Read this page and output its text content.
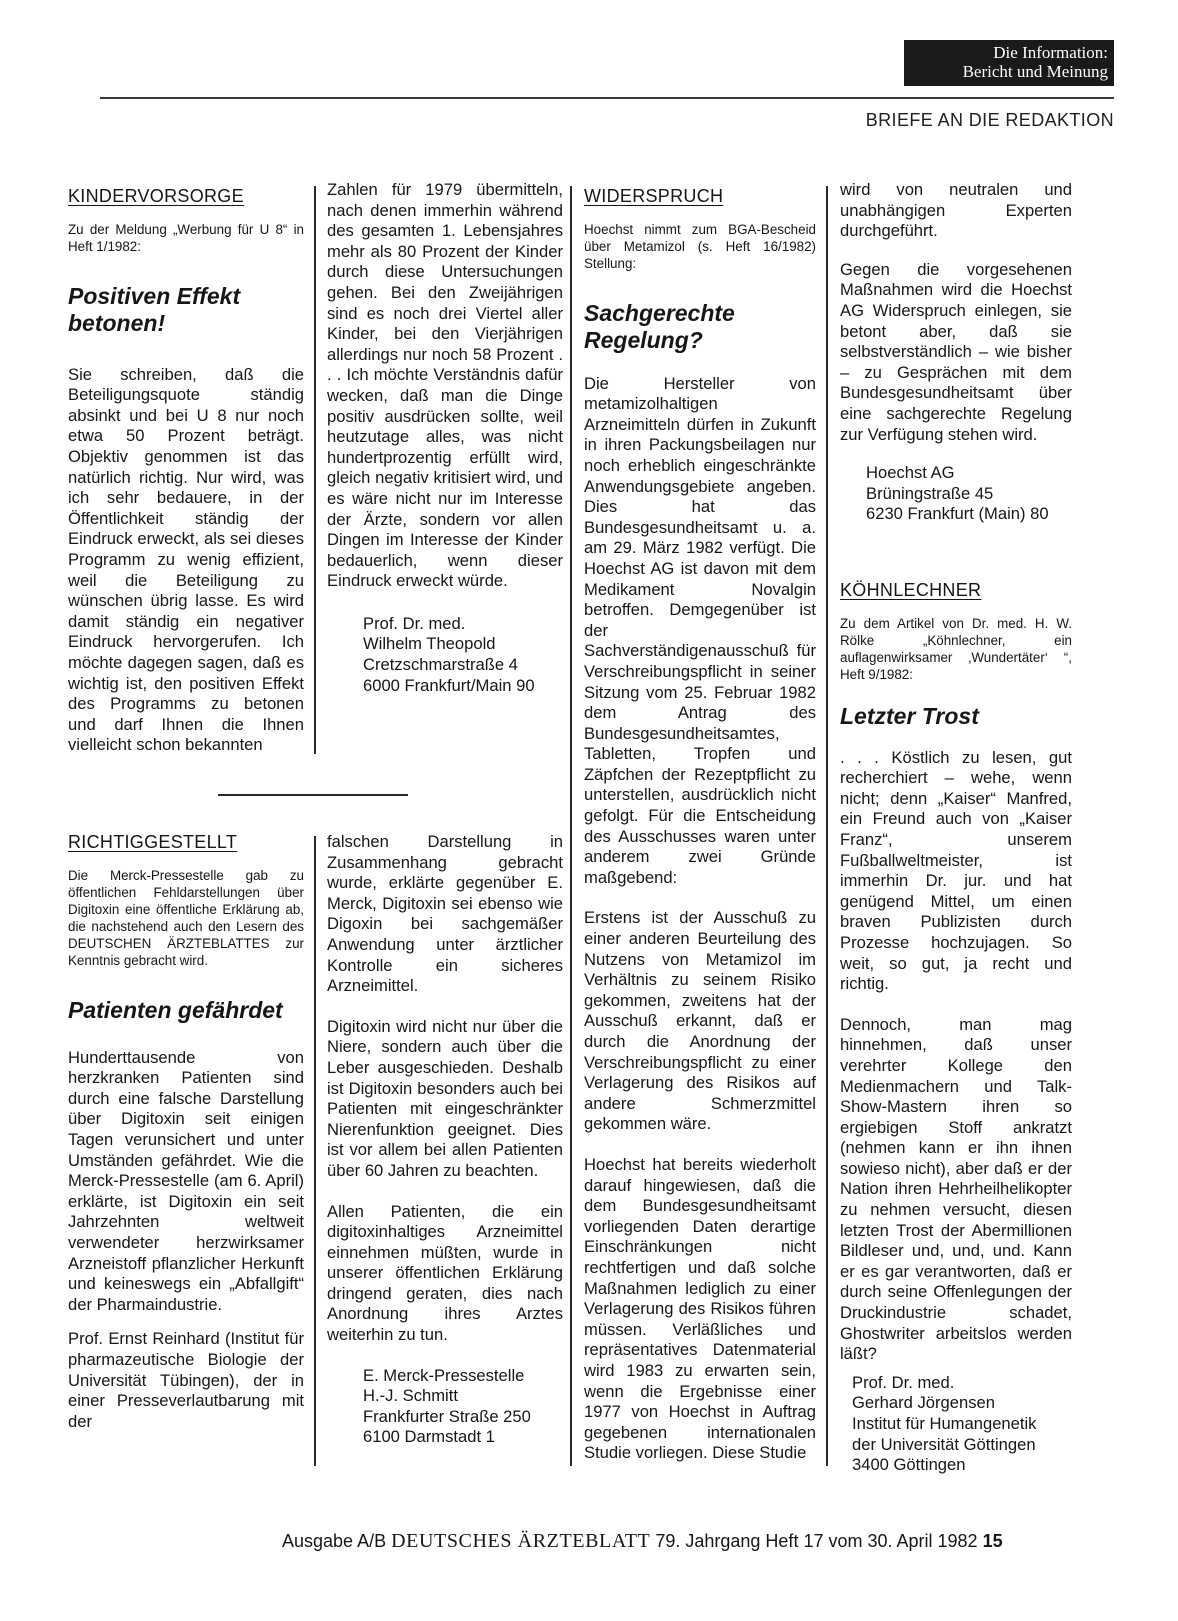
Die Information:
Bericht und Meinung
BRIEFE AN DIE REDAKTION
KINDERVORSORGE

Zu der Meldung „Werbung für U 8“ in Heft 1/1982:

Positiven Effekt betonen!

Sie schreiben, daß die Beteiligungsquote ständig absinkt und bei U 8 nur noch etwa 50 Prozent beträgt. Objektiv genommen ist das natürlich richtig. Nur wird, was ich sehr bedauere, in der Öffentlichkeit ständig der Eindruck erweckt, als sei dieses Programm zu wenig effizient, weil die Beteiligung zu wünschen übrig lasse. Es wird damit ständig ein negativer Eindruck hervorgerufen. Ich möchte dagegen sagen, daß es wichtig ist, den positiven Effekt des Programms zu betonen und darf Ihnen die Ihnen vielleicht schon bekannten

Zahlen für 1979 übermitteln, nach denen immerhin während des gesamten 1. Lebensjahres mehr als 80 Prozent der Kinder durch diese Untersuchungen gehen. Bei den Zweijährigen sind es noch drei Viertel aller Kinder, bei den Vierjährigen allerdings nur noch 58 Prozent . . . Ich möchte Verständnis dafür wecken, daß man die Dinge positiv ausdrücken sollte, weil heutzutage alles, was nicht hundertprozentig erfüllt wird, gleich negativ kritisiert wird, und es wäre nicht nur im Interesse der Ärzte, sondern vor allen Dingen im Interesse der Kinder bedauerlich, wenn dieser Eindruck erweckt würde.

Prof. Dr. med.
Wilhelm Theopold
Cretzschmarstraße 4
6000 Frankfurt/Main 90

RICHTIGGESTELLT

Die Merck-Pressestelle gab zu öffentlichen Fehldarstellungen über Digitoxin eine öffentliche Erklärung ab, die nachstehend auch den Lesern des DEUTSCHEN ÄRZTEBLATTES zur Kenntnis gebracht wird.

Patienten gefährdet

Hunderttausende von herzkranken Patienten sind durch eine falsche Darstellung über Digitoxin seit einigen Tagen verunsichert und unter Umständen gefährdet. Wie die Merck-Pressestelle (am 6. April) erklärte, ist Digitoxin ein seit Jahrzehnten weltweit verwendeter herzwirksamer Arzneistoff pflanzlicher Herkunft und keineswegs ein „Abfallgift“ der Pharmaindustrie.

Prof. Ernst Reinhard (Institut für pharmazeutische Biologie der Universität Tübingen), der in einer Presseverlautbarung mit der

falschen Darstellung in Zusammenhang gebracht wurde, erklärte gegenüber E. Merck, Digitoxin sei ebenso wie Digoxin bei sachgemäßer Anwendung unter ärztlicher Kontrolle ein sicheres Arzneimittel.

Digitoxin wird nicht nur über die Niere, sondern auch über die Leber ausgeschieden. Deshalb ist Digitoxin besonders auch bei Patienten mit eingeschränkter Nierenfunktion geeignet. Dies ist vor allem bei allen Patienten über 60 Jahren zu beachten.

Allen Patienten, die ein digitoxinhaltiges Arzneimittel einnehmen müßten, wurde in unserer öffentlichen Erklärung dringend geraten, dies nach Anordnung ihres Arztes weiterhin zu tun.

E. Merck-Pressestelle
H.-J. Schmitt
Frankfurter Straße 250
6100 Darmstadt 1

WIDERSPRUCH

Hoechst nimmt zum BGA-Bescheid über Metamizol (s. Heft 16/1982) Stellung:

Sachgerechte Regelung?

Die Hersteller von metamizolhaltigen Arzneimitteln dürfen in Zukunft in ihren Packungsbeilagen nur noch erheblich eingeschränkte Anwendungsgebiete angeben. Dies hat das Bundesgesundheitsamt u. a. am 29. März 1982 verfügt. Die Hoechst AG ist davon mit dem Medikament Novalgin betroffen. Demgegenüber ist der Sachverständigenausschuß für Verschreibungspflicht in seiner Sitzung vom 25. Februar 1982 dem Antrag des Bundesgesundheitsamtes, Tabletten, Tropfen und Zäpfchen der Rezeptpflicht zu unterstellen, ausdrücklich nicht gefolgt. Für die Entscheidung des Ausschusses waren unter anderem zwei Gründe maßgebend:

Erstens ist der Ausschuß zu einer anderen Beurteilung des Nutzens von Metamizol im Verhältnis zu seinem Risiko gekommen, zweitens hat der Ausschuß erkannt, daß er durch die Anordnung der Verschreibungspflicht zu einer Verlagerung des Risikos auf andere Schmerzmittel gekommen wäre.

Hoechst hat bereits wiederholt darauf hingewiesen, daß die dem Bundesgesundheitsamt vorliegenden Daten derartige Einschränkungen nicht rechtfertigen und daß solche Maßnahmen lediglich zu einer Verlagerung des Risikos führen müssen. Verläßliches und repräsentatives Datenmaterial wird 1983 zu erwarten sein, wenn die Ergebnisse einer 1977 von Hoechst in Auftrag gegebenen internationalen Studie vorliegen. Diese Studie

wird von neutralen und unabhängigen Experten durchgeführt.

Gegen die vorgesehenen Maßnahmen wird die Hoechst AG Widerspruch einlegen, sie betont aber, daß sie selbstverständlich – wie bisher – zu Gesprächen mit dem Bundesgesundheitsamt über eine sachgerechte Regelung zur Verfügung stehen wird.

Hoechst AG
Brüningstraße 45
6230 Frankfurt (Main) 80

KÖHNLECHNER

Zu dem Artikel von Dr. med. H. W. Rölke „Köhnlechner, ein auflagenwirksamer ‚Wundertäter‘ “, Heft 9/1982:

Letzter Trost

. . . Köstlich zu lesen, gut recherchiert – wehe, wenn nicht; denn „Kaiser“ Manfred, ein Freund auch von „Kaiser Franz“, unserem Fußballweltmeister, ist immerhin Dr. jur. und hat genügend Mittel, um einen braven Publizisten durch Prozesse hochzujagen. So weit, so gut, ja recht und richtig.

Dennoch, man mag hinnehmen, daß unser verehrter Kollege den Medienmachern und Talk-Show-Mastern ihren so ergiebigen Stoff ankratzt (nehmen kann er ihn ihnen sowieso nicht), aber daß er der Nation ihren Hehrheilhelikopter zu nehmen versucht, diesen letzten Trost der Abermillionen Bildleser und, und, und. Kann er es gar verantworten, daß er durch seine Offenlegungen der Druckindustrie schadet, Ghostwriter arbeitslos werden läßt?

Prof. Dr. med.
Gerhard Jörgensen
Institut für Humangenetik
der Universität Göttingen
3400 Göttingen

Ausgabe A/B DEUTSCHES ÄRZTEBLATT 79. Jahrgang Heft 17 vom 30. April 1982 15
